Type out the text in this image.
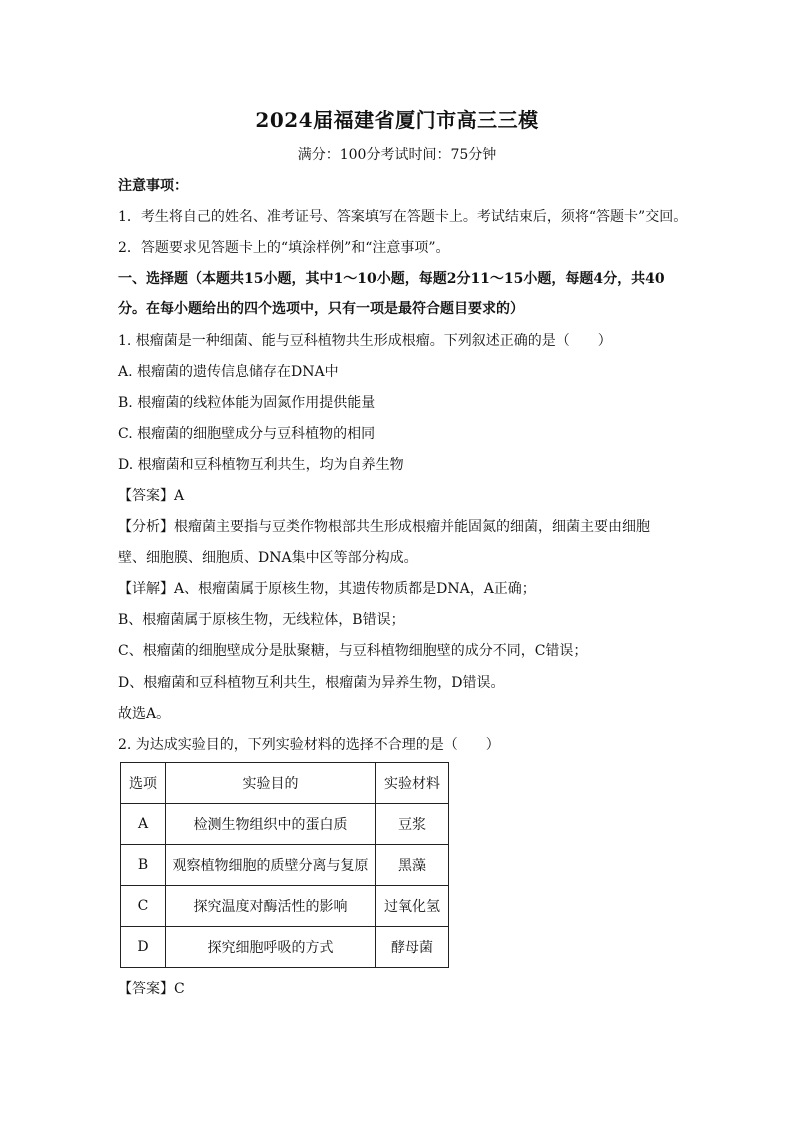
2024届福建省厦门市高三三模
满分：100分考试时间：75分钟
注意事项：
1．考生将自己的姓名、准考证号、答案填写在答题卡上。考试结束后，须将“答题卡”交回。
2．答题要求见答题卡上的“填涂样例”和“注意事项”。
一、选择题（本题共15小题，其中1～10小题，每题2分11～15小题，每题4分，共40
分。在每小题给出的四个选项中，只有一项是最符合题目要求的）
1. 根瘤菌是一种细菌、能与豆科植物共生形成根瘤。下列叙述正确的是（　　）
A. 根瘤菌的遗传信息储存在DNA中
B. 根瘤菌的线粒体能为固氮作用提供能量
C. 根瘤菌的细胞壁成分与豆科植物的相同
D. 根瘤菌和豆科植物互利共生，均为自养生物
【答案】A
【分析】根瘤菌主要指与豆类作物根部共生形成根瘤并能固氮的细菌，细菌主要由细胞
壁、细胞膜、细胞质、DNA集中区等部分构成。
【详解】A、根瘤菌属于原核生物，其遗传物质都是DNA，A正确；
B、根瘤菌属于原核生物，无线粒体，B错误；
C、根瘤菌的细胞壁成分是肽聚糖，与豆科植物细胞壁的成分不同，C错误；
D、根瘤菌和豆科植物互利共生，根瘤菌为异养生物，D错误。
故选A。
2. 为达成实验目的，下列实验材料的选择不合理的是（　　）
选项	实验目的	实验材料
A	检测生物组织中的蛋白质	豆浆
B	观察植物细胞的质壁分离与复原	黑藻
C	探究温度对酶活性的影响	过氧化氢
D	探究细胞呼吸的方式	酵母菌
【答案】C
